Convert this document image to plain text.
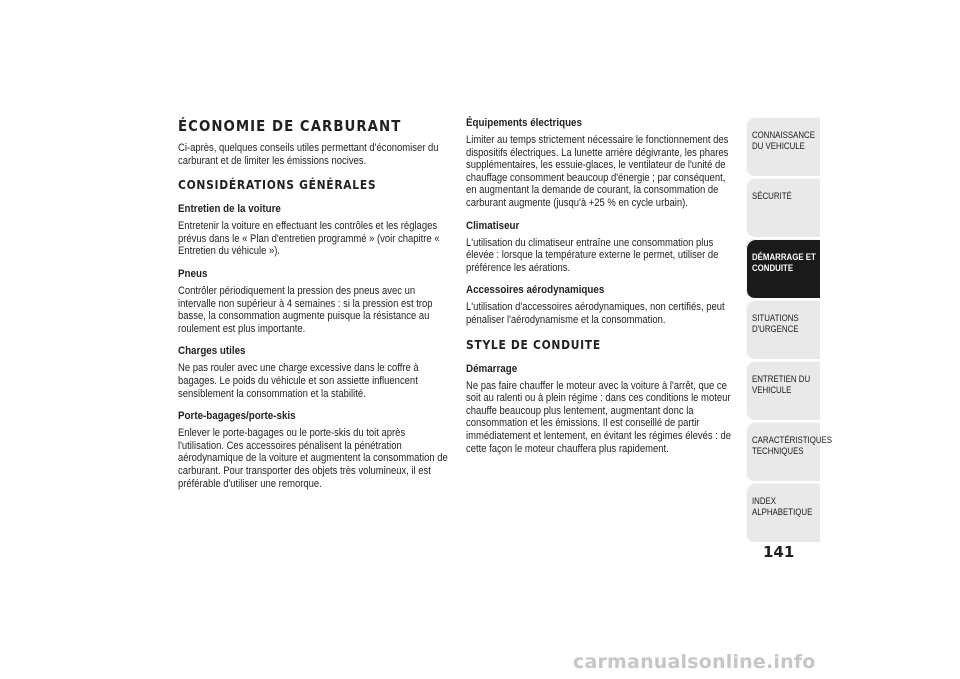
ÉCONOMIE DE CARBURANT

Ci-après, quelques conseils utiles permettant d'économiser du carburant et de limiter les émissions nocives.

CONSIDÉRATIONS GÉNÉRALES
Entretien de la voiture

Entretenir la voiture en effectuant les contrôles et les réglages prévus dans le « Plan d'entretien programmé » (voir chapitre « Entretien du véhicule »).

Pneus

Contrôler périodiquement la pression des pneus avec un intervalle non supérieur à 4 semaines : si la pression est trop basse, la consommation augmente puisque la résistance au roulement est plus importante.

Charges utiles

Ne pas rouler avec une charge excessive dans le coffre à bagages. Le poids du véhicule et son assiette influencent sensiblement la consommation et la stabilité.

Porte-bagages/porte-skis

Enlever le porte-bagages ou le porte-skis du toit après l'utilisation. Ces accessoires pénalisent la pénétration aérodynamique de la voiture et augmentent la consommation de carburant. Pour transporter des objets très volumineux, il est préférable d'utiliser une remorque.

Équipements électriques

Limiter au temps strictement nécessaire le fonctionnement des dispositifs électriques. La lunette arrière dégivrante, les phares supplémentaires, les essuie-glaces, le ventilateur de l'unité de chauffage consomment beaucoup d'énergie ; par conséquent, en augmentant la demande de courant, la consommation de carburant augmente (jusqu'à +25 % en cycle urbain).

Climatiseur

L'utilisation du climatiseur entraîne une consommation plus élevée : lorsque la température externe le permet, utiliser de préférence les aérations.

Accessoires aérodynamiques

L'utilisation d'accessoires aérodynamiques, non certifiés, peut pénaliser l'aérodynamisme et la consommation.

STYLE DE CONDUITE
Démarrage

Ne pas faire chauffer le moteur avec la voiture à l'arrêt, que ce soit au ralenti ou à plein régime : dans ces conditions le moteur chauffe beaucoup plus lentement, augmentant donc la consommation et les émissions. Il est conseillé de partir immédiatement et lentement, en évitant les régimes élevés : de cette façon le moteur chauffera plus rapidement.

CONNAISSANCE DU VEHICULE
SÉCURITÉ
DÉMARRAGE ET CONDUITE
SITUATIONS D'URGENCE
ENTRETIEN DU VEHICULE
CARACTÉRISTIQUES TECHNIQUES
INDEX ALPHABETIQUE
141
carmanualsonline.info
